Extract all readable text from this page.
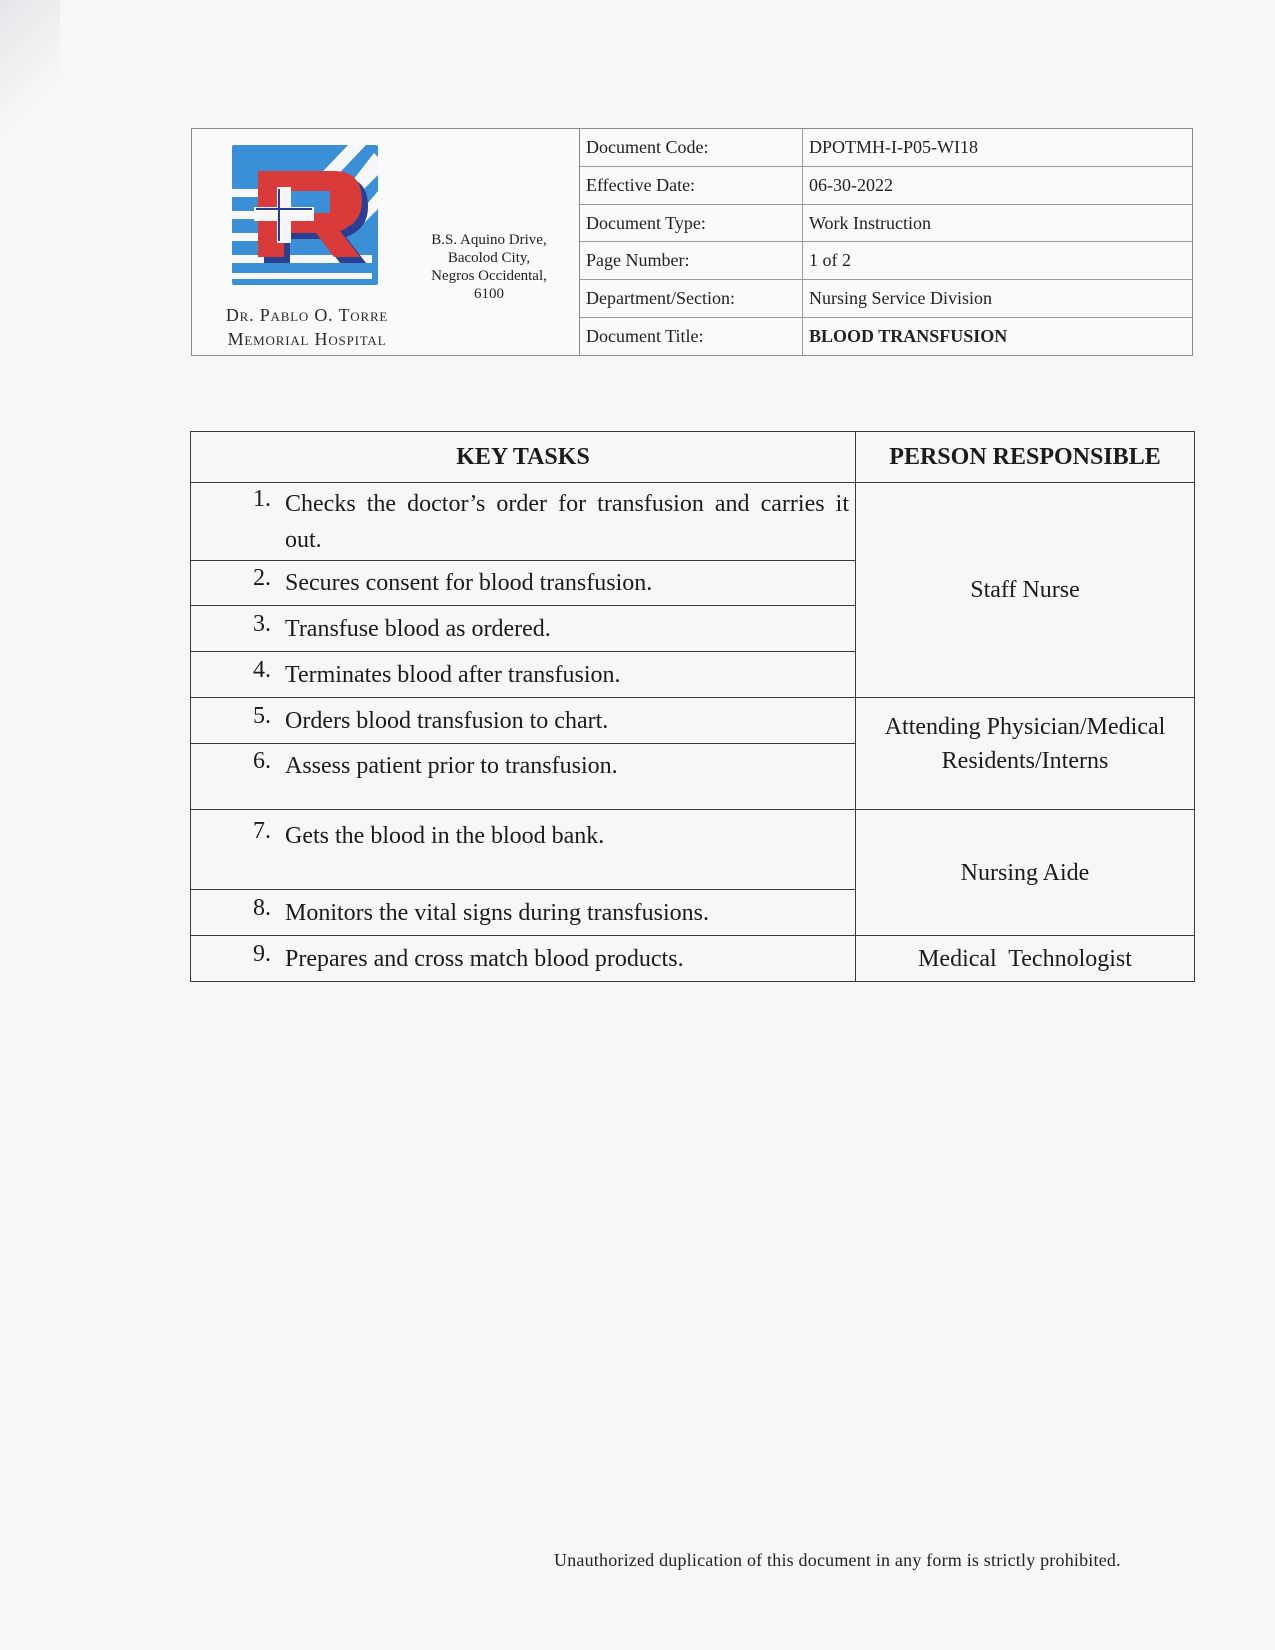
Dr. Pablo O. Torre
Memorial Hospital
B.S. Aquino Drive,
Bacolod City,
Negros Occidental,
6100
Document Code:	DPOTMH-I-P05-WI18
Effective Date:	06-30-2022
Document Type:	Work Instruction
Page Number:	1 of 2
Department/Section:	Nursing Service Division
Document Title:	BLOOD TRANSFUSION
KEY TASKS	PERSON RESPONSIBLE

1. Checks the doctor’s order for transfusion and carries it out.	Staff Nurse

2. Secures consent for blood transfusion.	

3. Transfuse blood as ordered.	

4. Terminates blood after transfusion.	

5. Orders blood transfusion to chart.	Attending Physician/Medical Residents/Interns

6. Assess patient prior to transfusion.	

7. Gets the blood in the blood bank.	Nursing Aide

8. Monitors the vital signs during transfusions.	

9. Prepares and cross match blood products.	Medical  Technologist
Unauthorized duplication of this document in any form is strictly prohibited.
